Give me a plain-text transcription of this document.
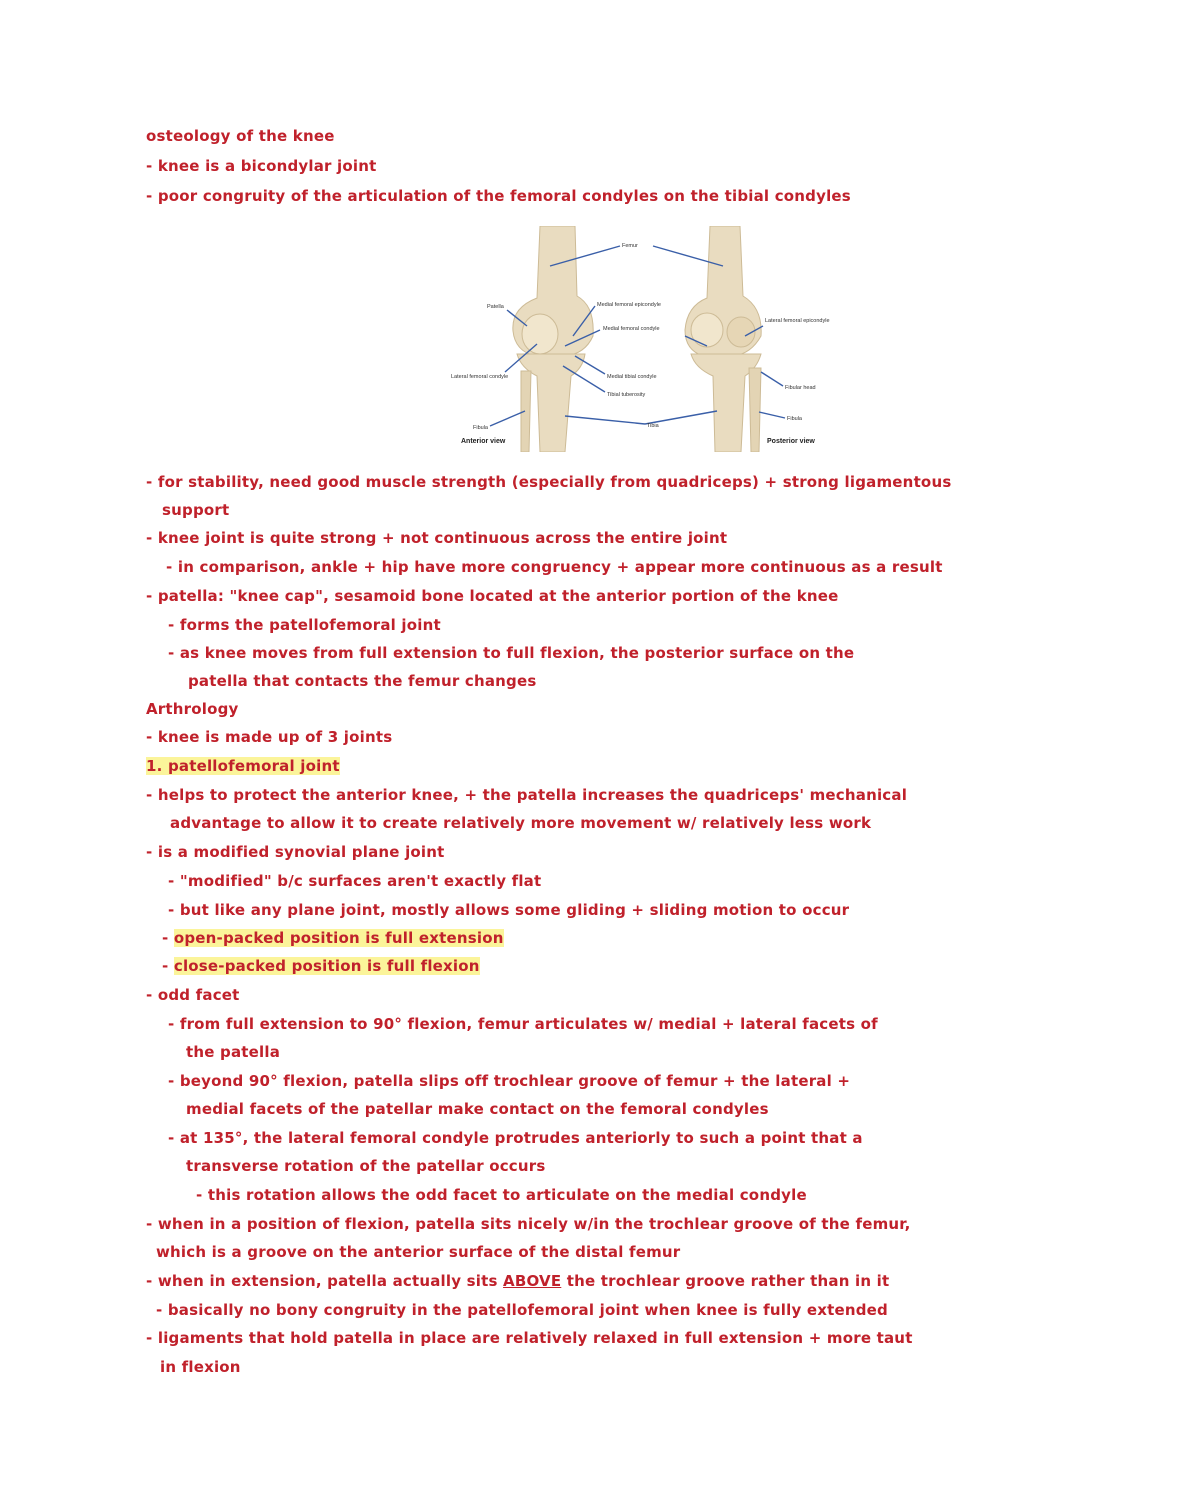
osteology of the knee
- knee is a bicondylar joint
- poor congruity of the articulation of the femoral condyles on the tibial condyles
Femur
Patella	Medial femoral epicondyle
Medial femoral condyle
Lateral femoral condyle	Medial tibial condyle
Tibial tuberosity
Fibula	Tibia
Lateral femoral epicondyle
Fibular head
Fibula
Anterior view	Posterior view
- for stability, need good muscle strength (especially from quadriceps) + strong ligamentous
support
- knee joint is quite strong + not continuous across the entire joint
- in comparison, ankle + hip have more congruency + appear more continuous as a result
- patella: "knee cap", sesamoid bone located at the anterior portion of the knee
- forms the patellofemoral joint
- as knee moves from full extension to full flexion, the posterior surface on the
patella that contacts the femur changes
Arthrology
- knee is made up of 3 joints
1. patellofemoral joint
- helps to protect the anterior knee, + the patella increases the quadriceps' mechanical
advantage to allow it to create relatively more movement w/ relatively less work
- is a modified synovial plane joint
- "modified" b/c surfaces aren't exactly flat
- but like any plane joint, mostly allows some gliding + sliding motion to occur
- open-packed position is full extension
- close-packed position is full flexion
- odd facet
- from full extension to 90° flexion, femur articulates w/ medial + lateral facets of
the patella
- beyond 90° flexion, patella slips off trochlear groove of femur + the lateral +
medial facets of the patellar make contact on the femoral condyles
- at 135°, the lateral femoral condyle protrudes anteriorly to such a point that a
transverse rotation of the patellar occurs
- this rotation allows the odd facet to articulate on the medial condyle
- when in a position of flexion, patella sits nicely w/in the trochlear groove of the femur,
which is a groove on the anterior surface of the distal femur
- when in extension, patella actually sits ABOVE the trochlear groove rather than in it
- basically no bony congruity in the patellofemoral joint when knee is fully extended
- ligaments that hold patella in place are relatively relaxed in full extension + more taut
in flexion
